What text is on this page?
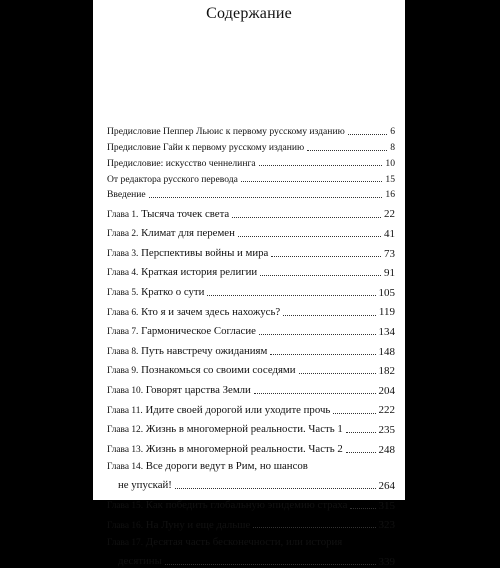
Содержание
Предисловие Пеппер Льюис к первому русскому изданию	6
Предисловие Гайи к первому русскому изданию	8
Предисловие: искусство ченнелинга	10
От редактора русского перевода	15
Введение	16
Глава 1. Тысяча точек света	22
Глава 2. Климат для перемен	41
Глава 3. Перспективы войны и мира	73
Глава 4. Краткая история религии	91
Глава 5. Кратко о сути	105
Глава 6. Кто я и зачем здесь нахожусь?	119
Глава 7. Гармоническое Согласие	134
Глава 8. Путь навстречу ожиданиям	148
Глава 9. Познакомься со своими соседями	182
Глава 10. Говорят царства Земли	204
Глава 11. Идите своей дорогой или уходите прочь	222
Глава 12. Жизнь в многомерной реальности. Часть 1	235
Глава 13. Жизнь в многомерной реальности. Часть 2	248
Глава 14. Все дороги ведут в Рим, но шансов
не упускай!	264
Глава 15. Как победить глобальную эпидемию страха	315
Глава 16. На Луну и еще дальше	323
Глава 17. Десятая часть бесконечности, или история
десятины	339
